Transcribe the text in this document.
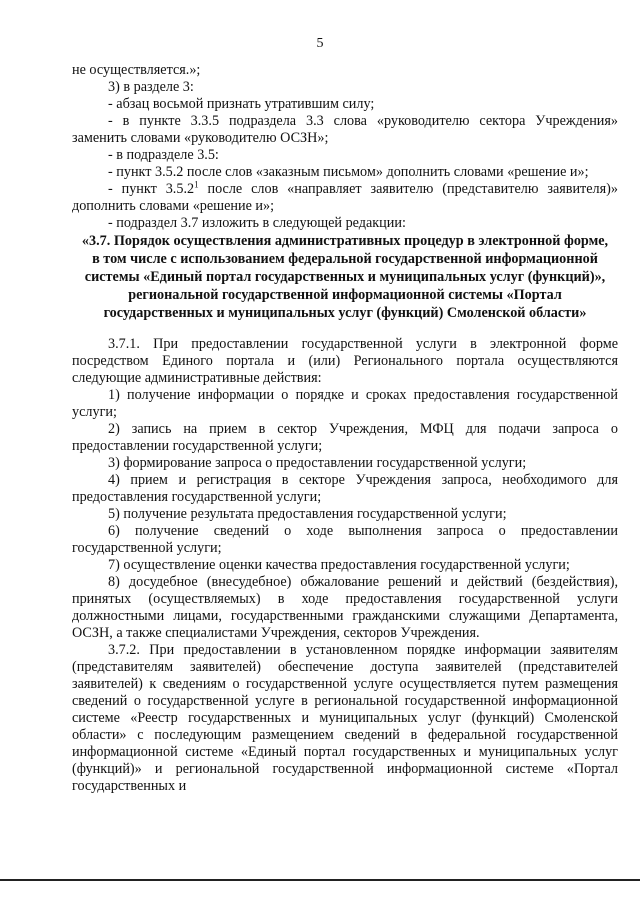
5

не осуществляется.»;

3) в разделе 3:

- абзац восьмой признать утратившим силу;

- в пункте 3.3.5 подраздела 3.3 слова «руководителю сектора Учреждения» заменить словами «руководителю ОСЗН»;

- в подразделе 3.5:

- пункт 3.5.2 после слов «заказным письмом» дополнить словами «решение и»;

- пункт 3.5.2$^1$ после слов «направляет заявителю (представителю заявителя)» дополнить словами «решение и»;

- подраздел 3.7 изложить в следующей редакции:

«3.7. Порядок осуществления административных процедур в электронной форме, в том числе с использованием федеральной государственной информационной системы «Единый портал государственных и муниципальных услуг (функций)», региональной государственной информационной системы «Портал государственных и муниципальных услуг (функций) Смоленской области»

3.7.1. При предоставлении государственной услуги в электронной форме посредством Единого портала и (или) Регионального портала осуществляются следующие административные действия:

1) получение информации о порядке и сроках предоставления государственной услуги;

2) запись на прием в сектор Учреждения, МФЦ для подачи запроса о предоставлении государственной услуги;

3) формирование запроса о предоставлении государственной услуги;

4) прием и регистрация в секторе Учреждения запроса, необходимого для предоставления государственной услуги;

5) получение результата предоставления государственной услуги;

6) получение сведений о ходе выполнения запроса о предоставлении государственной услуги;

7) осуществление оценки качества предоставления государственной услуги;

8) досудебное (внесудебное) обжалование решений и действий (бездействия), принятых (осуществляемых) в ходе предоставления государственной услуги должностными лицами, государственными гражданскими служащими Департамента, ОСЗН, а также специалистами Учреждения, секторов Учреждения.

3.7.2. При предоставлении в установленном порядке информации заявителям (представителям заявителей) обеспечение доступа заявителей (представителей заявителей) к сведениям о государственной услуге осуществляется путем размещения сведений о государственной услуге в региональной государственной информационной системе «Реестр государственных и муниципальных услуг (функций) Смоленской области» с последующим размещением сведений в федеральной государственной информационной системе «Единый портал государственных и муниципальных услуг (функций)» и региональной государственной информационной системе «Портал государственных и
